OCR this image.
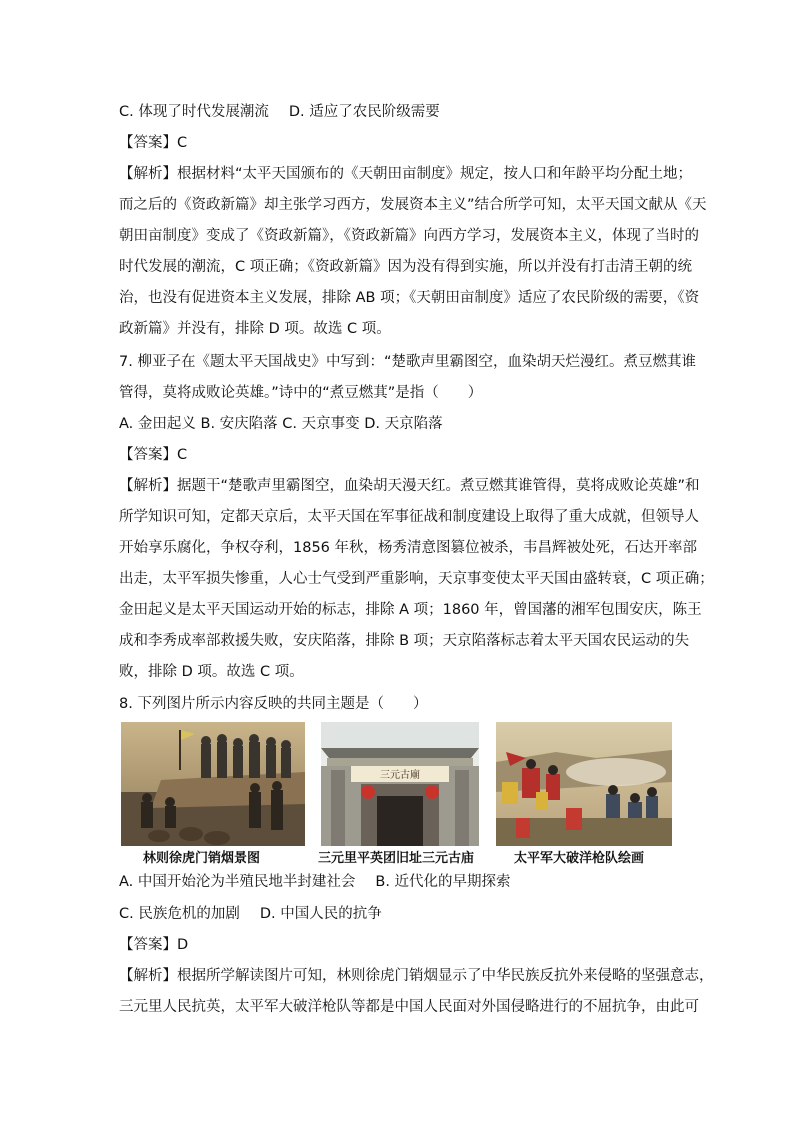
C. 体现了时代发展潮流 D. 适应了农民阶级需要
【答案】C
【解析】根据材料“太平天国颁布的《天朝田亩制度》规定，按人口和年龄平均分配土地；
而之后的《资政新篇》却主张学习西方，发展资本主义”结合所学可知，太平天国文献从《天
朝田亩制度》变成了《资政新篇》，《资政新篇》向西方学习，发展资本主义，体现了当时的
时代发展的潮流，C 项正确；《资政新篇》因为没有得到实施，所以并没有打击清王朝的统
治，也没有促进资本主义发展，排除 AB 项；《天朝田亩制度》适应了农民阶级的需要，《资
政新篇》并没有，排除 D 项。故选 C 项。
7. 柳亚子在《题太平天国战史》中写到：“楚歌声里霸图空，血染胡天烂漫红。煮豆燃萁谁
管得，莫将成败论英雄。”诗中的“煮豆燃萁”是指（　　）
A. 金田起义 B. 安庆陷落 C. 天京事变 D. 天京陷落
【答案】C
【解析】据题干“楚歌声里霸图空，血染胡天漫天红。煮豆燃萁谁管得，莫将成败论英雄”和
所学知识可知，定都天京后，太平天国在军事征战和制度建设上取得了重大成就，但领导人
开始享乐腐化，争权夺利，1856 年秋，杨秀清意图篡位被杀，韦昌辉被处死，石达开率部
出走，太平军损失惨重，人心士气受到严重影响，天京事变使太平天国由盛转衰，C 项正确；
金田起义是太平天国运动开始的标志，排除 A 项；1860 年，曾国藩的湘军包围安庆，陈王
成和李秀成率部救援失败，安庆陷落，排除 B 项；天京陷落标志着太平天国农民运动的失
败，排除 D 项。故选 C 项。
8. 下列图片所示内容反映的共同主题是（　　）
林则徐虎门销烟景图
三元古廟
三元里平英团旧址三元古庙	太平军大破洋枪队绘画
A. 中国开始沦为半殖民地半封建社会 B. 近代化的早期探索
C. 民族危机的加剧 D. 中国人民的抗争
【答案】D
【解析】根据所学解读图片可知，林则徐虎门销烟显示了中华民族反抗外来侵略的坚强意志，
三元里人民抗英，太平军大破洋枪队等都是中国人民面对外国侵略进行的不屈抗争，由此可
